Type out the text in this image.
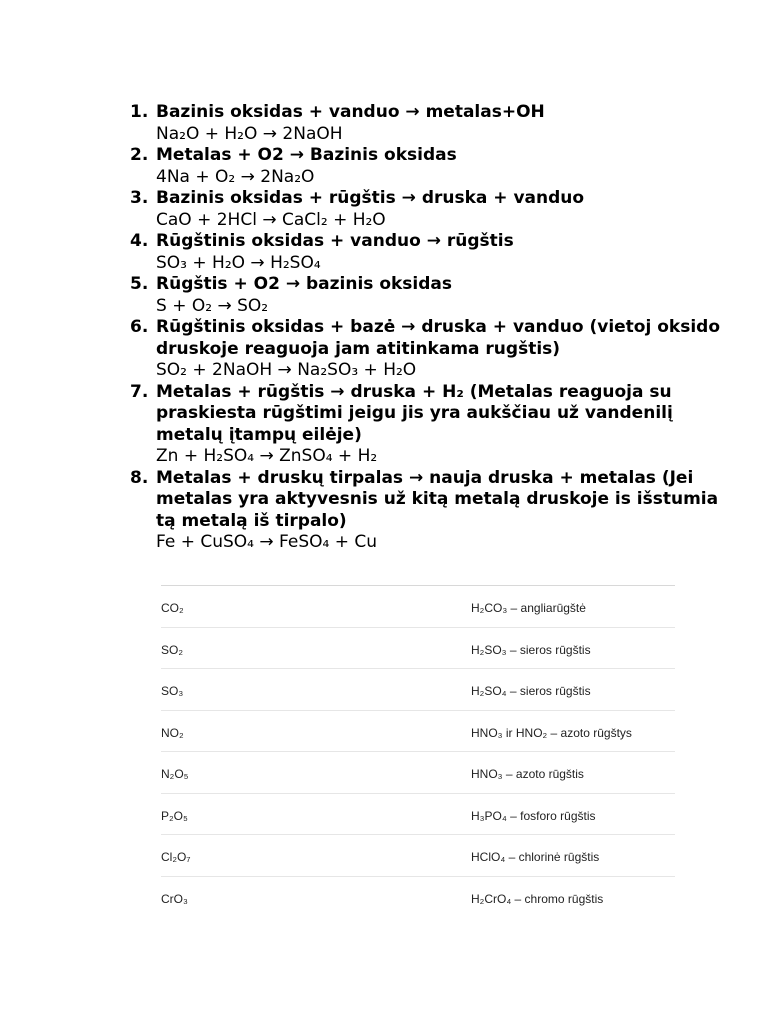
1. Bazinis oksidas + vanduo → metalas+OH
Na₂O + H₂O → 2NaOH
2. Metalas + O2 → Bazinis oksidas
4Na + O₂ → 2Na₂O
3. Bazinis oksidas + rūgštis → druska + vanduo
CaO + 2HCl → CaCl₂ + H₂O
4. Rūgštinis oksidas + vanduo → rūgštis
SO₃ + H₂O → H₂SO₄
5. Rūgštis + O2 → bazinis oksidas
S + O₂ → SO₂
6. Rūgštinis oksidas + bazė → druska + vanduo (vietoj oksido druskoje reaguoja jam atitinkama rugštis)
SO₂ + 2NaOH → Na₂SO₃ + H₂O
7. Metalas + rūgštis → druska + H₂ (Metalas reaguoja su praskiesta rūgštimi jeigu jis yra aukščiau už vandenilį metalų įtampų eilėje)
Zn + H₂SO₄ → ZnSO₄ + H₂
8. Metalas + druskų tirpalas → nauja druska + metalas (Jei metalas yra aktyvesnis už kitą metalą druskoje is išstumia tą metalą iš tirpalo)
Fe + CuSO₄ → FeSO₄ + Cu
CO₂	H₂CO₃ – angliarūgštė
SO₂	H₂SO₃ – sieros rūgštis
SO₃	H₂SO₄ – sieros rūgštis
NO₂	HNO₃ ir HNO₂ – azoto rūgštys
N₂O₅	HNO₃ – azoto rūgštis
P₂O₅	H₃PO₄ – fosforo rūgštis
Cl₂O₇	HClO₄ – chlorinė rūgštis
CrO₃	H₂CrO₄ – chromo rūgštis
